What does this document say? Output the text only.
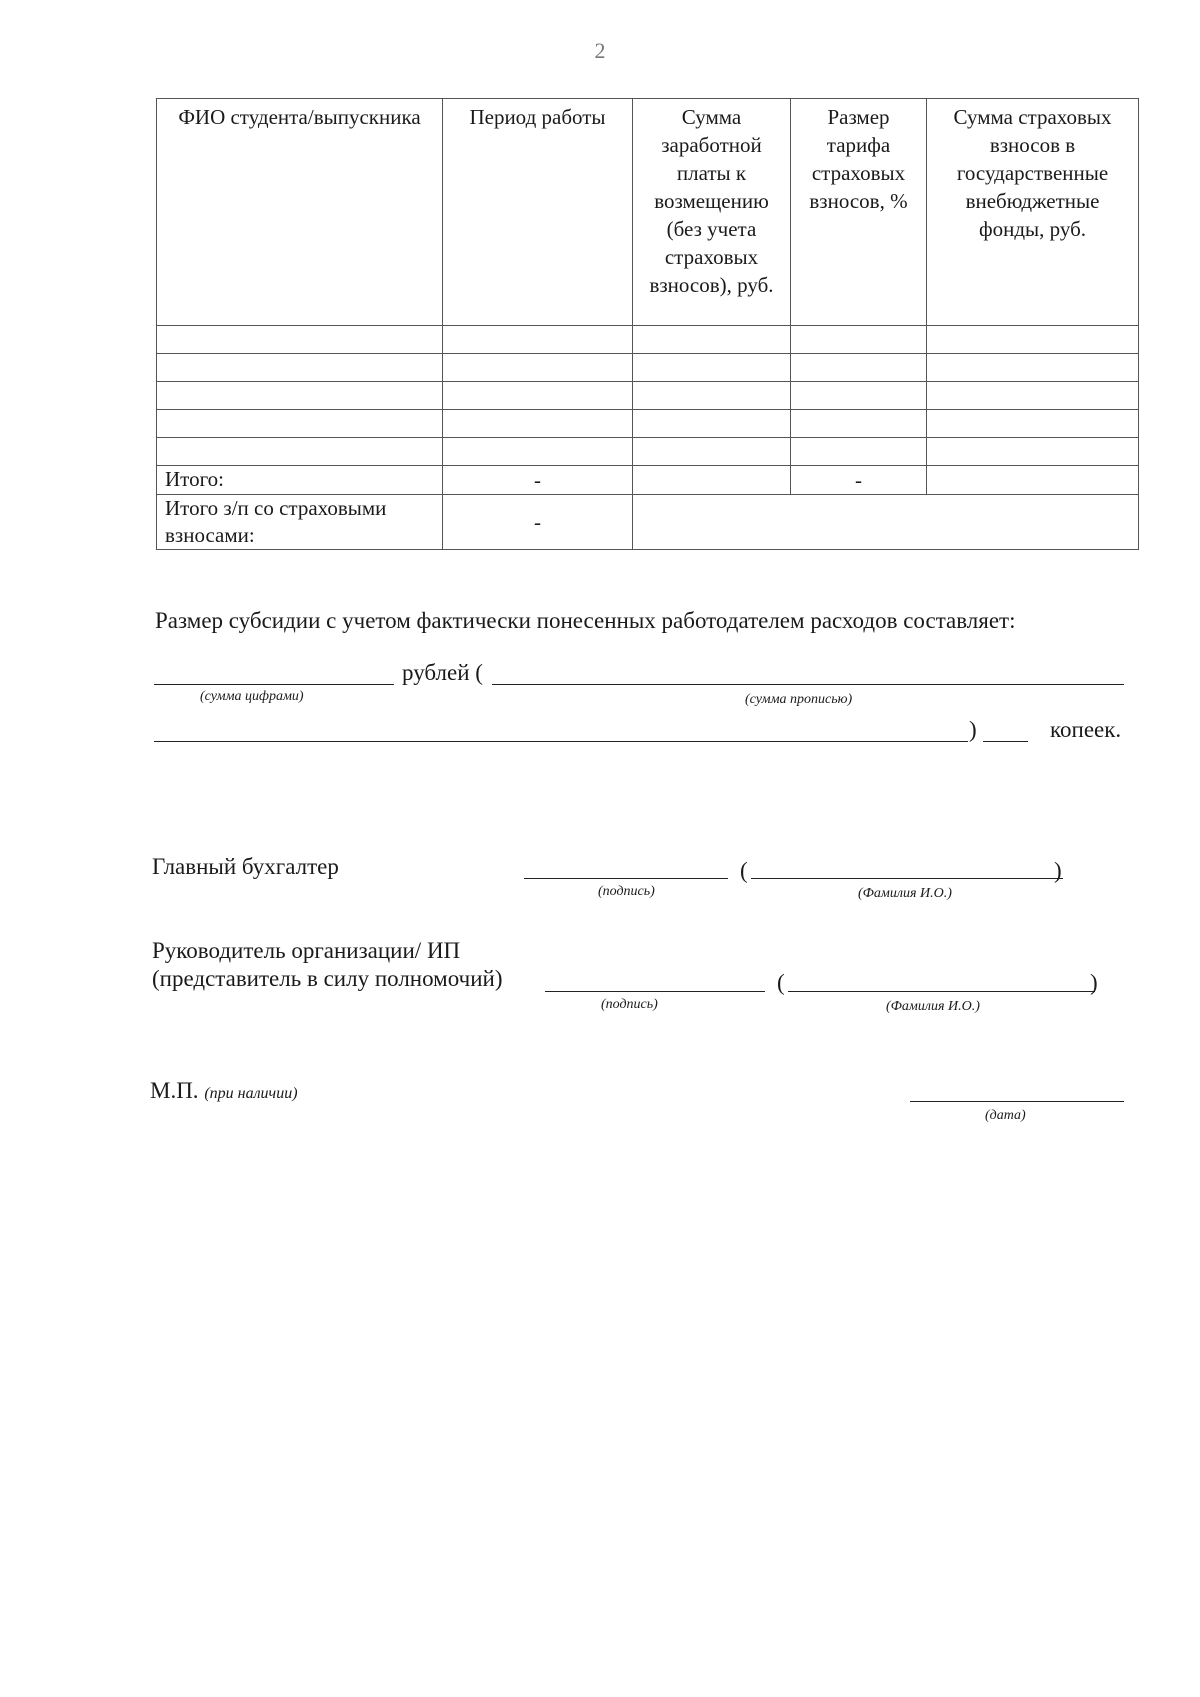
2
ФИО студента/выпускника	Период работы	Сумма заработной платы к возмещению (без учета страховых взносов), руб.	Размер тарифа страховых взносов, %	Сумма страховых взносов в государственные внебюджетные фонды, руб.

Итого:	-		-	
Итого з/п со страховыми взносами:	-			
Размер субсидии с учетом фактически понесенных работодателем расходов составляет:
рублей (
(сумма цифрами)	(сумма прописью)
)	копеек.
Главный бухгалтер	(	)
(подпись)	(Фамилия И.О.)
Руководитель организации/ ИП
(представитель в силу полномочий)	(	)
(подпись)	(Фамилия И.О.)
М.П. (при наличии)
(дата)
